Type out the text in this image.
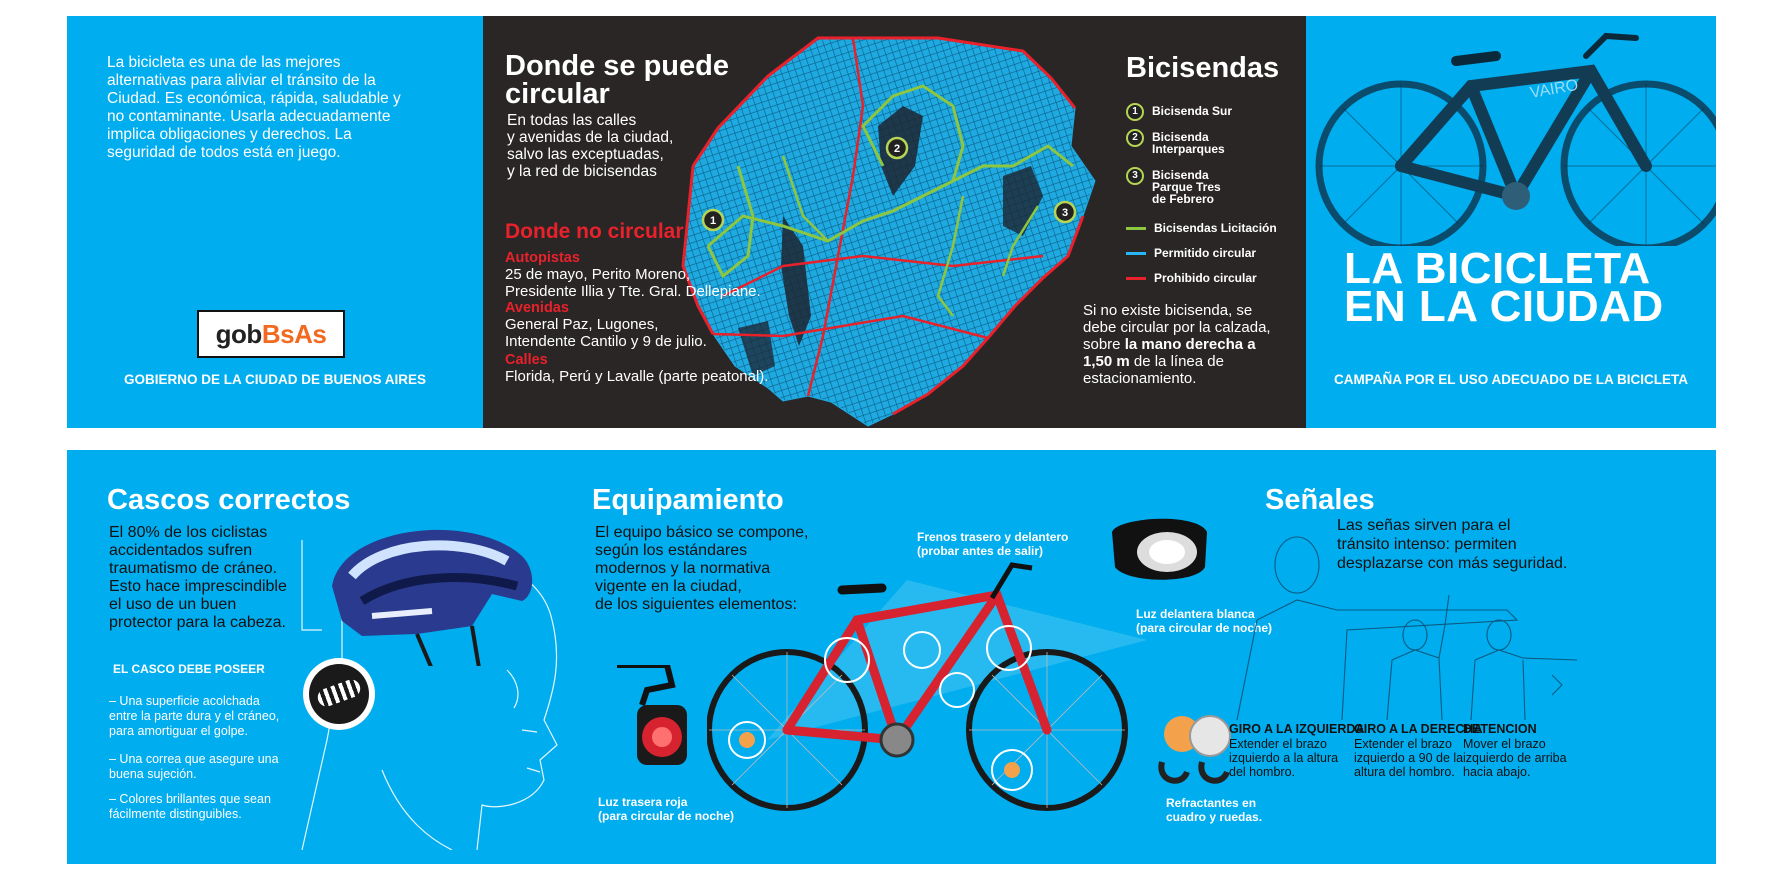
La bicicleta es una de las mejores
alternativas para aliviar el tránsito de la
Ciudad. Es económica, rápida, saludable y
no contaminante. Usarla adecuadamente
implica obligaciones y derechos. La
seguridad de todos está en juego.
gob BsAs
GOBIERNO DE LA CIUDAD DE BUENOS AIRES
1
2
3
Donde se puede
circular
En todas las calles
y avenidas de la ciudad,
salvo las exceptuadas,
y la red de bicisendas
Donde no circular
Autopistas
25 de mayo, Perito Moreno,
Presidente Illia y Tte. Gral. Dellepiane.
Avenidas
General Paz, Lugones,
Intendente Cantilo y 9 de julio.
Calles
Florida, Perú y Lavalle (parte peatonal).
Bicisendas
1	Bicisenda Sur
2	Bicisenda
Interparques
3	Bicisenda
Parque Tres
de Febrero
Bicisendas Licitación
Permitido circular
Prohibido circular
Si no existe bicisenda, se
debe circular por la calzada,
sobre la mano derecha a
1,50 m de la línea de
estacionamiento.
VAIRO
LA BICICLETA
EN LA CIUDAD
CAMPAÑA POR EL USO ADECUADO DE LA BICICLETA
Cascos correctos
El 80% de los ciclistas
accidentados sufren
traumatismo de cráneo.
Esto hace imprescindible
el uso de un buen
protector para la cabeza.
EL CASCO DEBE POSEER
– Una superficie acolchada
entre la parte dura y el cráneo,
para amortiguar el golpe.
– Una correa que asegure una
buena sujeción.
– Colores brillantes que sean
fácilmente distinguibles.
Equipamiento
El equipo básico se compone,
según los estándares
modernos y la normativa
vigente en la ciudad,
de los siguientes elementos:
Frenos trasero y delantero
(probar antes de salir)
Luz delantera blanca
(para circular de noche)
Luz trasera roja
(para circular de noche)
Refractantes en
cuadro y ruedas.
Señales
Las señas sirven para el
tránsito intenso: permiten
desplazarse con más seguridad.
GIRO A LA IZQUIERDA
Extender el brazo
izquierdo a la altura
del hombro.
GIRO A LA DERECHA
Extender el brazo
izquierdo a 90 de la
altura del hombro.
DETENCION
Mover el brazo
izquierdo de arriba
hacia abajo.
